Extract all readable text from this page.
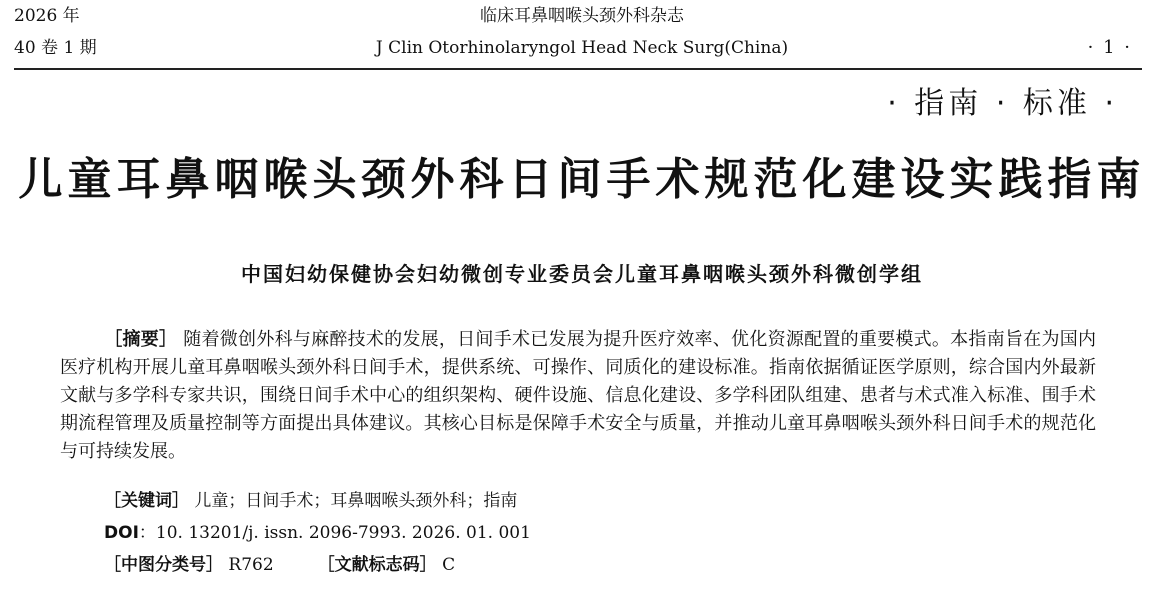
2026 年
40 卷 1 期
临床耳鼻咽喉头颈外科杂志
J Clin Otorhinolaryngol Head Neck Surg(China)	· 1 ·
· 指南 · 标准 ·
儿童耳鼻咽喉头颈外科日间手术规范化建设实践指南
中国妇幼保健协会妇幼微创专业委员会儿童耳鼻咽喉头颈外科微创学组
［摘要］ 随着微创外科与麻醉技术的发展，日间手术已发展为提升医疗效率、优化资源配置的重要模式。本指南旨在为国内医疗机构开展儿童耳鼻咽喉头颈外科日间手术，提供系统、可操作、同质化的建设标准。指南依据循证医学原则，综合国内外最新文献与多学科专家共识，围绕日间手术中心的组织架构、硬件设施、信息化建设、多学科团队组建、患者与术式准入标准、围手术期流程管理及质量控制等方面提出具体建议。其核心目标是保障手术安全与质量，并推动儿童耳鼻咽喉头颈外科日间手术的规范化与可持续发展。
［关键词］ 儿童；日间手术；耳鼻咽喉头颈外科；指南
DOI：10. 13201/j. issn. 2096-7993. 2026. 01. 001
［中图分类号］ R762	［文献标志码］ C
